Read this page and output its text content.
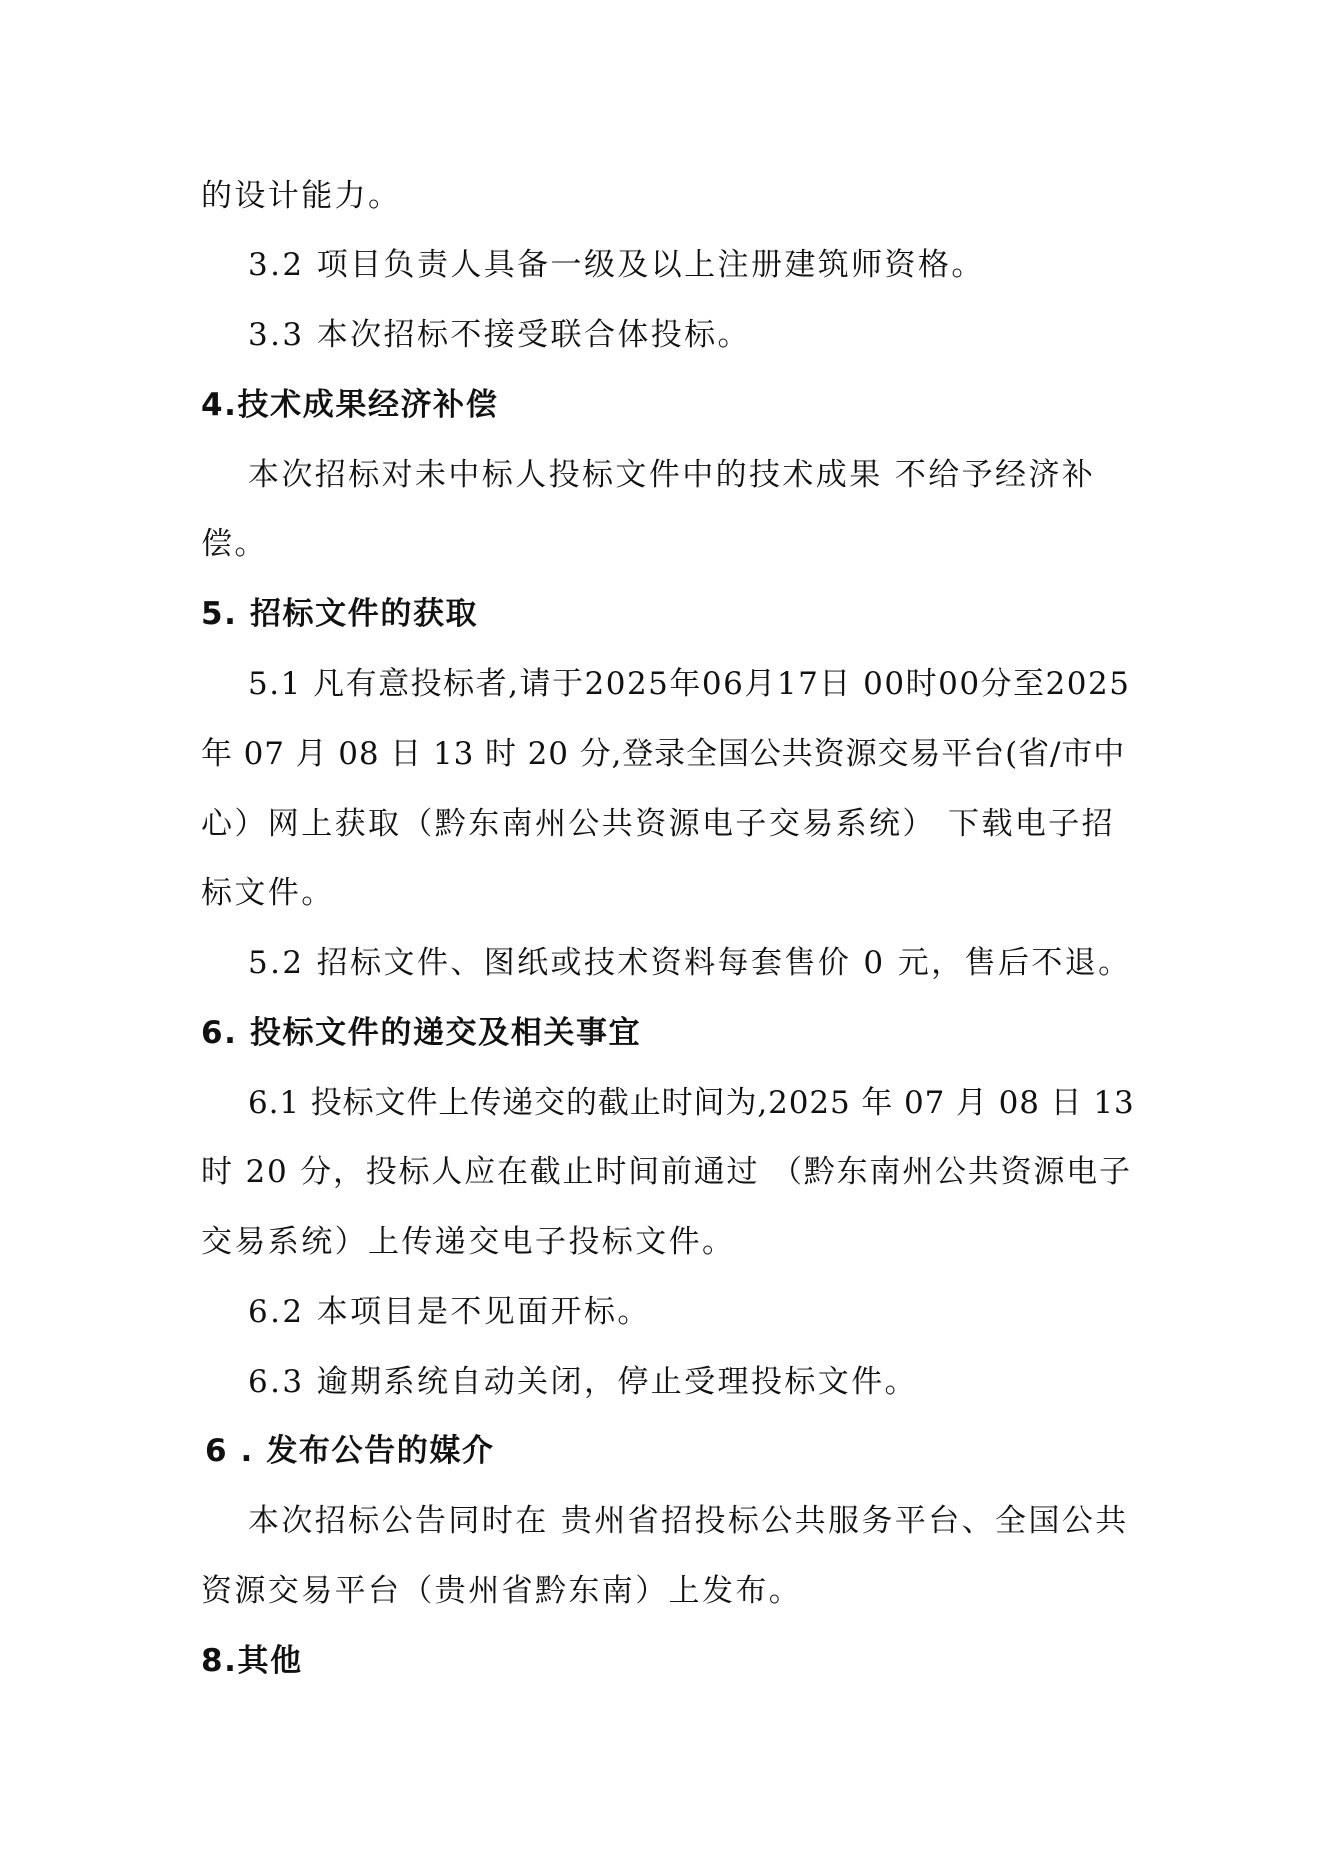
的设计能力。
3.2 项目负责人具备一级及以上注册建筑师资格。
3.3 本次招标不接受联合体投标。
4.技术成果经济补偿
本次招标对未中标人投标文件中的技术成果 不给予经济补
偿。
5. 招标文件的获取
5.1 凡有意投标者,请于2025年06月17日 00时00分至2025
年 07 月 08 日 13 时 20 分,登录全国公共资源交易平台(省/市中
心）网上获取（黔东南州公共资源电子交易系统） 下载电子招
标文件。
5.2 招标文件、图纸或技术资料每套售价 0 元，售后不退。
6. 投标文件的递交及相关事宜
6.1 投标文件上传递交的截止时间为,2025 年 07 月 08 日 13
时 20 分，投标人应在截止时间前通过 （黔东南州公共资源电子
交易系统）上传递交电子投标文件。
6.2 本项目是不见面开标。
6.3 逾期系统自动关闭，停止受理投标文件。
6 . 发布公告的媒介
本次招标公告同时在 贵州省招投标公共服务平台、全国公共
资源交易平台（贵州省黔东南）上发布。
8.其他
